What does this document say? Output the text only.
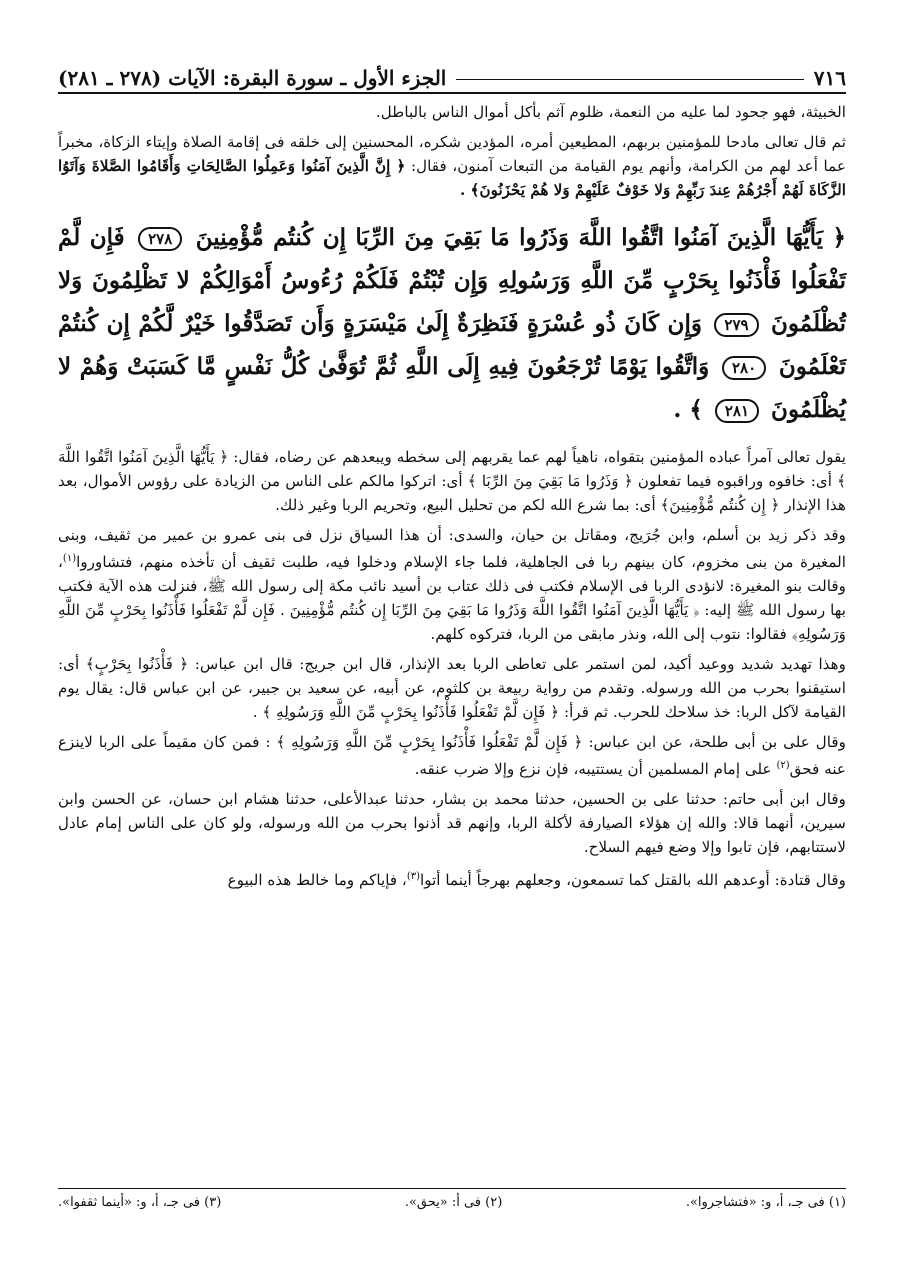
٧١٦
الجزء الأول ـ سورة البقرة: الآيات (٢٧٨ ـ ٢٨١)

الخبيثة، فهو جحود لما عليه من النعمة، ظلوم آثم بأكل أموال الناس بالباطل.

ثم قال تعالى مادحا للمؤمنين بربهم، المطيعين أمره، المؤدين شكره، المحسنين إلى خلقه فى إقامة الصلاة وإيتاء الزكاة، مخبراً عما أعد لهم من الكرامة، وأنهم يوم القيامة من التبعات آمنون، فقال: ﴿ إِنَّ الَّذِينَ آمَنُوا وَعَمِلُوا الصَّالِحَاتِ وَأَقَامُوا الصَّلاةَ وَآتَوُا الزَّكَاةَ لَهُمْ أَجْرُهُمْ عِندَ رَبِّهِمْ وَلا خَوْفٌ عَلَيْهِمْ وَلا هُمْ يَحْزَنُونَ﴾ .

﴿ يَأَيُّهَا الَّذِينَ آمَنُوا اتَّقُوا اللَّهَ وَذَرُوا مَا بَقِيَ مِنَ الرِّبَا إِن كُنتُم مُّؤْمِنِينَ ٢٧٨ فَإِن لَّمْ تَفْعَلُوا فَأْذَنُوا بِحَرْبٍ مِّنَ اللَّهِ وَرَسُولِهِ وَإِن تُبْتُمْ فَلَكُمْ رُءُوسُ أَمْوَالِكُمْ لا تَظْلِمُونَ وَلا تُظْلَمُونَ ٢٧٩ وَإِن كَانَ ذُو عُسْرَةٍ فَنَظِرَةٌ إِلَىٰ مَيْسَرَةٍ وَأَن تَصَدَّقُوا خَيْرٌ لَّكُمْ إِن كُنتُمْ تَعْلَمُونَ ٢٨٠ وَاتَّقُوا يَوْمًا تُرْجَعُونَ فِيهِ إِلَى اللَّهِ ثُمَّ تُوَفَّىٰ كُلُّ نَفْسٍ مَّا كَسَبَتْ وَهُمْ لا يُظْلَمُونَ ٢٨١ ﴾ .

يقول تعالى آمراً عباده المؤمنين بتقواه، ناهياً لهم عما يقربهم إلى سخطه ويبعدهم عن رضاه، فقال: ﴿ يَأَيُّهَا الَّذِينَ آمَنُوا اتَّقُوا اللَّهَ ﴾ أى: خافوه وراقبوه فيما تفعلون ﴿ وَذَرُوا مَا بَقِيَ مِنَ الرِّبَا ﴾ أى: اتركوا مالكم على الناس من الزيادة على رؤوس الأموال، بعد هذا الإنذار ﴿ إِن كُنتُم مُّؤْمِنِينَ﴾ أى: بما شرع الله لكم من تحليل البيع، وتحريم الربا وغير ذلك.

وقد ذكر زيد بن أسلم، وابن جُرَيج، ومقاتل بن حيان، والسدى: أن هذا السياق نزل فى بنى عمرو بن عمير من ثقيف، وبنى المغيرة من بنى مخزوم، كان بينهم ربا فى الجاهلية، فلما جاء الإسلام ودخلوا فيه، طلبت ثقيف أن تأخذه منهم، فتشاوروا$^{(١)}$، وقالت بنو المغيرة: لانؤدى الربا فى الإسلام فكتب فى ذلك عتاب بن أسيد نائب مكة إلى رسول الله ﷺ، فنزلت هذه الآية فكتب بها رسول الله ﷺ إليه: ﴿ يَأَيُّهَا الَّذِينَ آمَنُوا اتَّقُوا اللَّهَ وَذَرُوا مَا بَقِيَ مِنَ الرِّبَا إِن كُنتُم مُّؤْمِنِينَ . فَإِن لَّمْ تَفْعَلُوا فَأْذَنُوا بِحَرْبٍ مِّنَ اللَّهِ وَرَسُولِهِ﴾ فقالوا: نتوب إلى الله، ونذر مابقى من الربا، فتركوه كلهم.

وهذا تهديد شديد ووعيد أكيد، لمن استمر على تعاطى الربا بعد الإنذار، قال ابن جريج: قال ابن عباس: ﴿ فَأْذَنُوا بِحَرْبٍ﴾ أى: استيقنوا بحرب من الله ورسوله. وتقدم من رواية ربيعة بن كلثوم، عن أبيه، عن سعيد بن جبير، عن ابن عباس قال: يقال يوم القيامة لآكل الربا: خذ سلاحك للحرب. ثم قرأ: ﴿ فَإِن لَّمْ تَفْعَلُوا فَأْذَنُوا بِحَرْبٍ مِّنَ اللَّهِ وَرَسُولِهِ ﴾ .

وقال على بن أبى طلحة، عن ابن عباس: ﴿ فَإِن لَّمْ تَفْعَلُوا فَأْذَنُوا بِحَرْبٍ مِّنَ اللَّهِ وَرَسُولِهِ ﴾ : فمن كان مقيماً على الربا لاينزع عنه فحق$^{(٢)}$ على إمام المسلمين أن يستتيبه، فإن نزع وإلا ضرب عنقه.

وقال ابن أبى حاتم: حدثنا على بن الحسين، حدثنا محمد بن بشار، حدثنا عبدالأعلى، حدثنا هشام ابن حسان، عن الحسن وابن سيرين، أنهما قالا: والله إن هؤلاء الصيارفة لأكلة الربا، وإنهم قد أذنوا بحرب من الله ورسوله، ولو كان على الناس إمام عادل لاستتابهم، فإن تابوا وإلا وضع فيهم السلاح.

وقال قتادة: أوعدهم الله بالقتل كما تسمعون، وجعلهم بهرجاً أينما أتوا$^{(٣)}$، فإياكم وما خالط هذه البيوع

(١) فى جـ، أ، و: «فتشاجروا».
(٢) فى أ: «يحق».
(٣) فى جـ، أ، و: «أينما ثقفوا».
